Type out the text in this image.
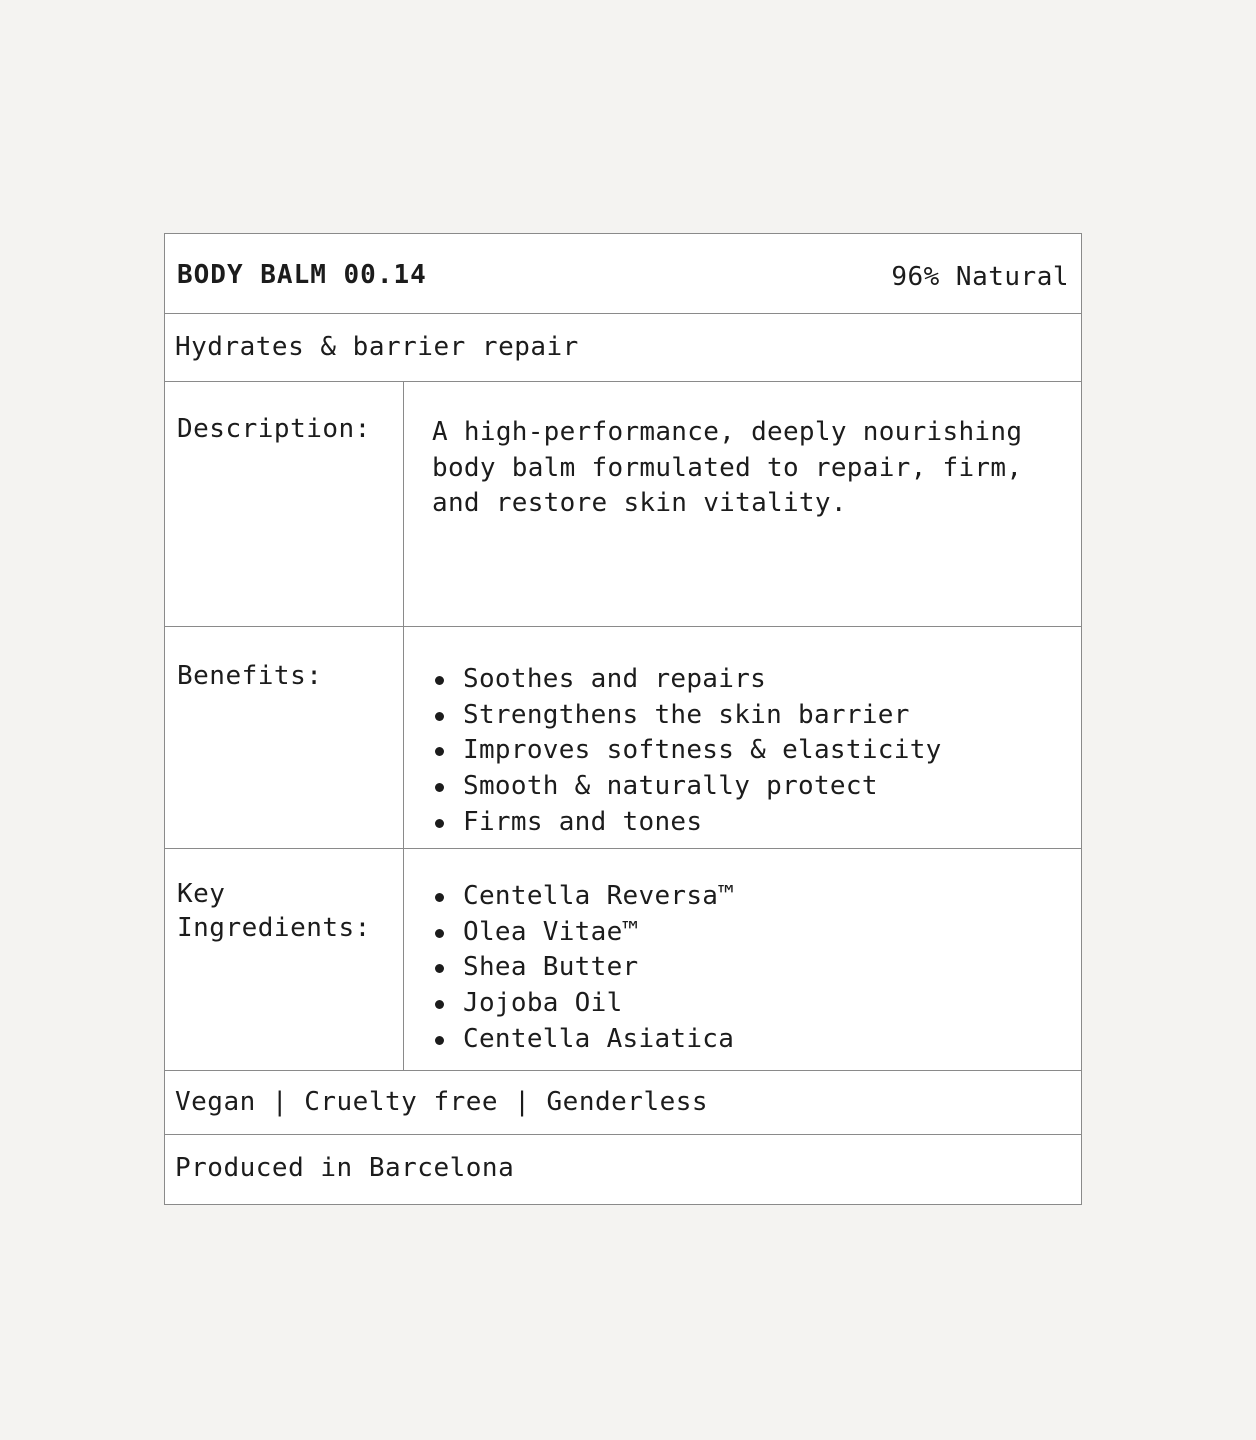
BODY BALM 00.14	96% Natural
Hydrates & barrier repair
Description: A high-performance, deeply nourishing body balm formulated to repair, firm, and restore skin vitality.
Benefits:	Soothes and repairs
Strengthens the skin barrier
Improves softness & elasticity
Smooth & naturally protect
Firms and tones
Key
Ingredients:
Centella Reversa™
Olea Vitae™
Shea Butter
Jojoba Oil
Centella Asiatica
Vegan | Cruelty free | Genderless
Produced in Barcelona
